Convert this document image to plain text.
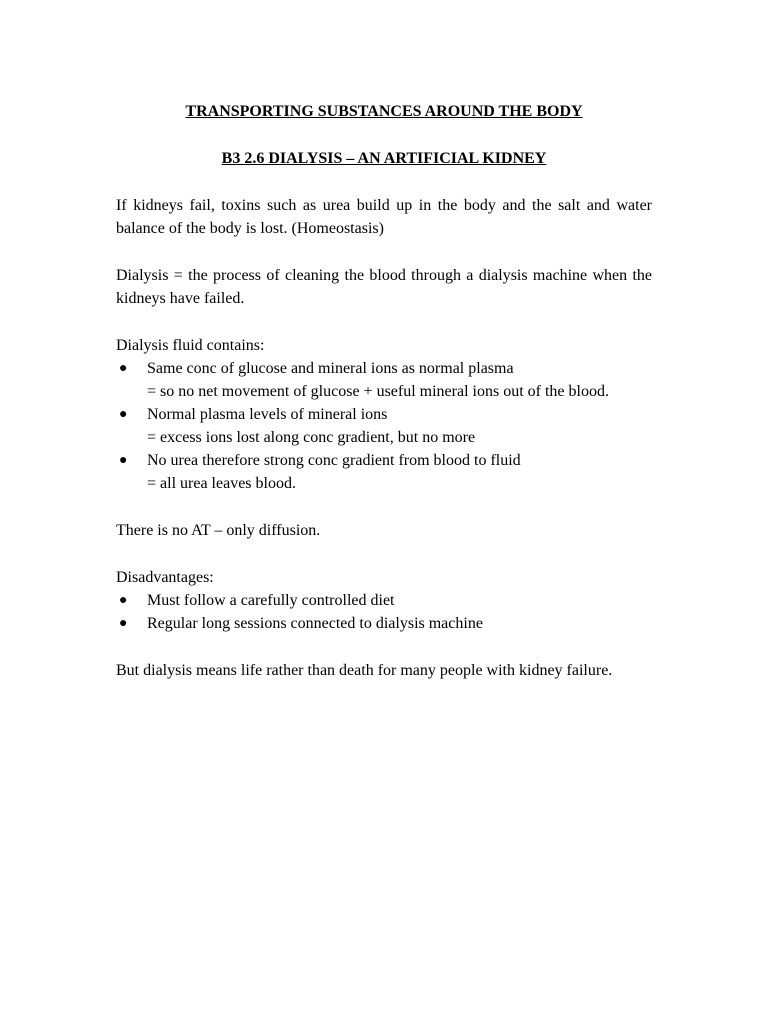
TRANSPORTING SUBSTANCES AROUND THE BODY

B3 2.6 DIALYSIS – AN ARTIFICIAL KIDNEY

If kidneys fail, toxins such as urea build up in the body and the salt and water balance of the body is lost. (Homeostasis)

Dialysis = the process of cleaning the blood through a dialysis machine when the kidneys have failed.

Dialysis fluid contains:

● Same conc of glucose and mineral ions as normal plasma
= so no net movement of glucose + useful mineral ions out of the blood.
● Normal plasma levels of mineral ions
= excess ions lost along conc gradient, but no more
● No urea therefore strong conc gradient from blood to fluid
= all urea leaves blood.

There is no AT – only diffusion.

Disadvantages:

● Must follow a carefully controlled diet
● Regular long sessions connected to dialysis machine

But dialysis means life rather than death for many people with kidney failure.
